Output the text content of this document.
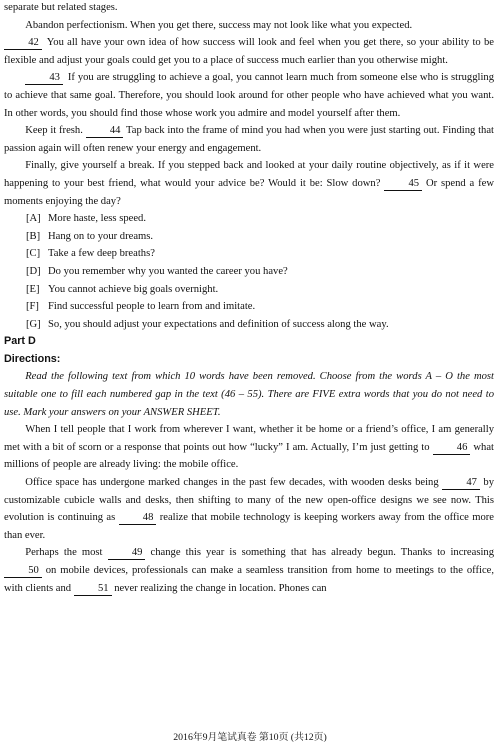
separate but related stages.

Abandon perfectionism. When you get there, success may not look like what you expected.
42 You all have your own idea of how success will look and feel when you get there, so your ability to be flexible and adjust your goals could get you to a place of success much earlier than you otherwise might.

43 If you are struggling to achieve a goal, you cannot learn much from someone else who is struggling to achieve that same goal. Therefore, you should look around for other people who have achieved what you want. In other words, you should find those whose work you admire and model yourself after them.

Keep it fresh.	44 Tap back into the frame of mind you had when you were just starting out. Finding that passion again will often renew your energy and engagement.

Finally, give yourself a break. If you stepped back and looked at your daily routine objectively, as if it were happening to your best friend, what would your advice be? Would it be: Slow down?	45 Or spend a few moments enjoying the day?

[A] More haste, less speed.

[B] Hang on to your dreams.

[C] Take a few deep breaths?

[D] Do you remember why you wanted the career you have?

[E] You cannot achieve big goals overnight.

[F] Find successful people to learn from and imitate.

[G] So, you should adjust your expectations and definition of success along the way.

Part D

Directions:

Read the following text from which 10 words have been removed. Choose from the words A – O the most suitable one to fill each numbered gap in the text (46 – 55). There are FIVE extra words that you do not need to use. Mark your answers on your ANSWER SHEET.

When I tell people that I work from wherever I want, whether it be home or a friend’s office, I am generally met with a bit of scorn or a response that points out how “lucky” I am. Actually, I’m just getting to	46 what millions of people are already living: the mobile office.

Office space has undergone marked changes in the past few decades, with wooden desks being	47 by customizable cubicle walls and desks, then shifting to many of the new open-office designs we see now. This evolution is continuing as	48 realize that mobile technology is keeping workers away from the office more than ever.

Perhaps the most	49 change this year is something that has already begun. Thanks to increasing 50 on mobile devices, professionals can make a seamless transition from home to meetings to the office, with clients and	51 never realizing the change in location. Phones can

2016年9月笔试真卷 第10页 (共12页)
